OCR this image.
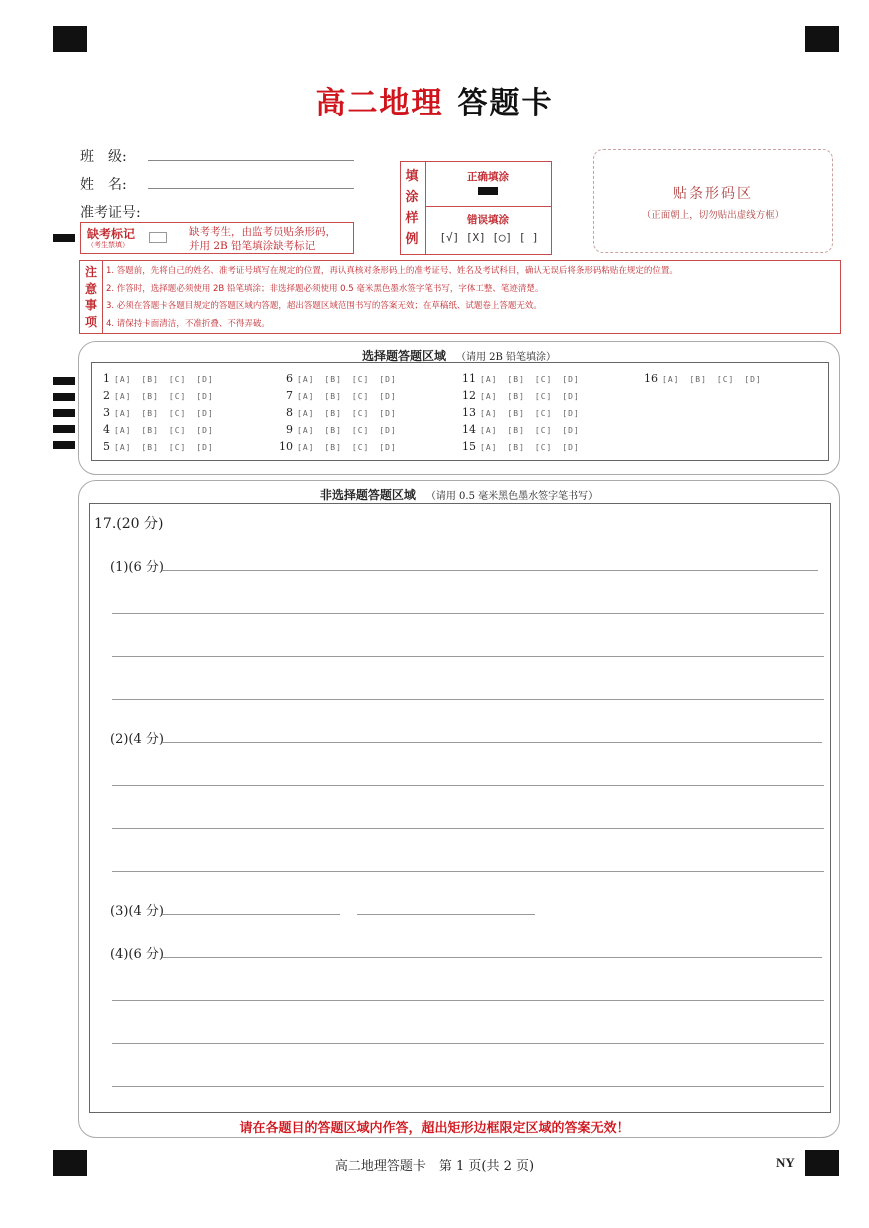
高二地理 答题卡
班　级:
姓　名:
准考证号:
缺考标记
（考生禁填）
缺考考生，由监考员贴条形码，
并用 2B 铅笔填涂缺考标记
填
涂
样
例
正确填涂
错误填涂
[√] [X] [◯] [ ]
贴条形码区
（正面朝上，切勿贴出虚线方框）
注
意
事
项
1. 答题前，先将自己的姓名、准考证号填写在规定的位置，再认真核对条形码上的准考证号、姓名及考试科目，确认无误后将条形码粘贴在规定的位置。
2. 作答时，选择题必须使用 2B 铅笔填涂；非选择题必须使用 0.5 毫米黑色墨水签字笔书写，字体工整、笔迹清楚。
3. 必须在答题卡各题目规定的答题区域内答题，超出答题区域范围书写的答案无效；在草稿纸、试题卷上答题无效。
4. 请保持卡面清洁，不准折叠、不得弄破。
选择题答题区域 （请用 2B 铅笔填涂）
1 [A] [B] [C] [D]
2 [A] [B] [C] [D]
3 [A] [B] [C] [D]
4 [A] [B] [C] [D]
5 [A] [B] [C] [D]
6 [A] [B] [C] [D]
7 [A] [B] [C] [D]
8 [A] [B] [C] [D]
9 [A] [B] [C] [D]
10 [A] [B] [C] [D]
11 [A] [B] [C] [D]
12 [A] [B] [C] [D]
13 [A] [B] [C] [D]
14 [A] [B] [C] [D]
15 [A] [B] [C] [D]
16 [A] [B] [C] [D]
非选择题答题区域 （请用 0.5 毫米黑色墨水签字笔书写）
17.(20 分)
(1)(6 分)
(2)(4 分)
(3)(4 分)
(4)(6 分)
请在各题目的答题区域内作答，超出矩形边框限定区域的答案无效！
高二地理答题卡　第 1 页(共 2 页)	NY
